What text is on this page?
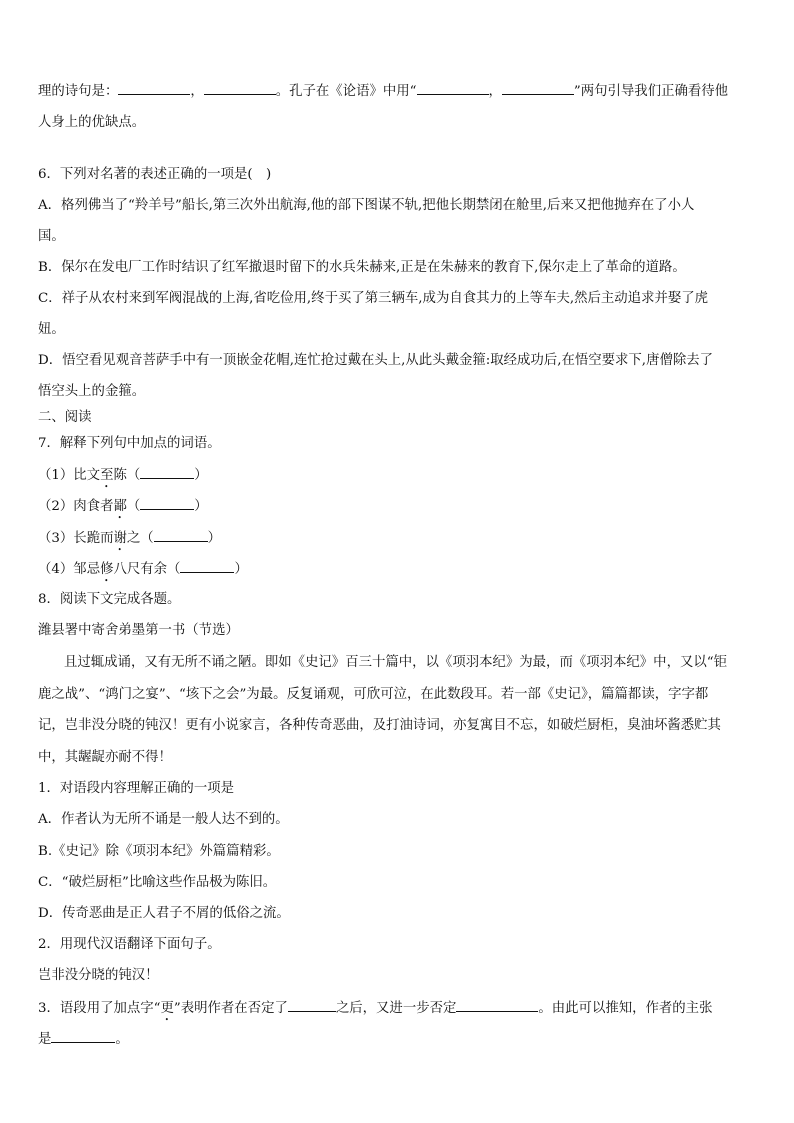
理的诗句是：	，	。孔子在《论语》中用“	，	”两句引导我们正确看待他
人身上的优缺点。
6．下列对名著的表述正确的一项是(　)
A．格列佛当了“羚羊号”船长,第三次外出航海,他的部下图谋不轨,把他长期禁闭在舱里,后来又把他抛弃在了小人
国。
B．保尔在发电厂工作时结识了红军撤退时留下的水兵朱赫来,正是在朱赫来的教育下,保尔走上了革命的道路。
C．祥子从农村来到军阀混战的上海,省吃俭用,终于买了第三辆车,成为自食其力的上等车夫,然后主动追求并娶了虎
妞。
D．悟空看见观音菩萨手中有一顶嵌金花帽,连忙抢过戴在头上,从此头戴金箍:取经成功后,在悟空要求下,唐僧除去了
悟空头上的金箍。
二、阅读
7．解释下列句中加点的词语。
（1）比文至陈（	）
（2）肉食者鄙（	）
（3）长跪而谢之（	）
（4）邹忌修八尺有余（	）
8．阅读下文完成各题。
潍县署中寄舍弟墨第一书（节选）
且过辄成诵，又有无所不诵之陋。即如《史记》百三十篇中，以《项羽本纪》为最，而《项羽本纪》中，又以“钜
鹿之战”、“鸿门之宴”、“垓下之会”为最。反复诵观，可欣可泣，在此数段耳。若一部《史记》，篇篇都读，字字都
记，岂非没分晓的钝汉！更有小说家言，各种传奇恶曲，及打油诗词，亦复寓目不忘，如破烂厨柜，臭油坏酱悉贮其
中，其龌龊亦耐不得！
1．对语段内容理解正确的一项是
A．作者认为无所不诵是一般人达不到的。
B.《史记》除《项羽本纪》外篇篇精彩。
C．“破烂厨柜”比喻这些作品极为陈旧。
D．传奇恶曲是正人君子不屑的低俗之流。
2．用现代汉语翻译下面句子。
岂非没分晓的钝汉！
3．语段用了加点字“更”表明作者在否定了	之后，又进一步否定	。由此可以推知，作者的主张
是	。
